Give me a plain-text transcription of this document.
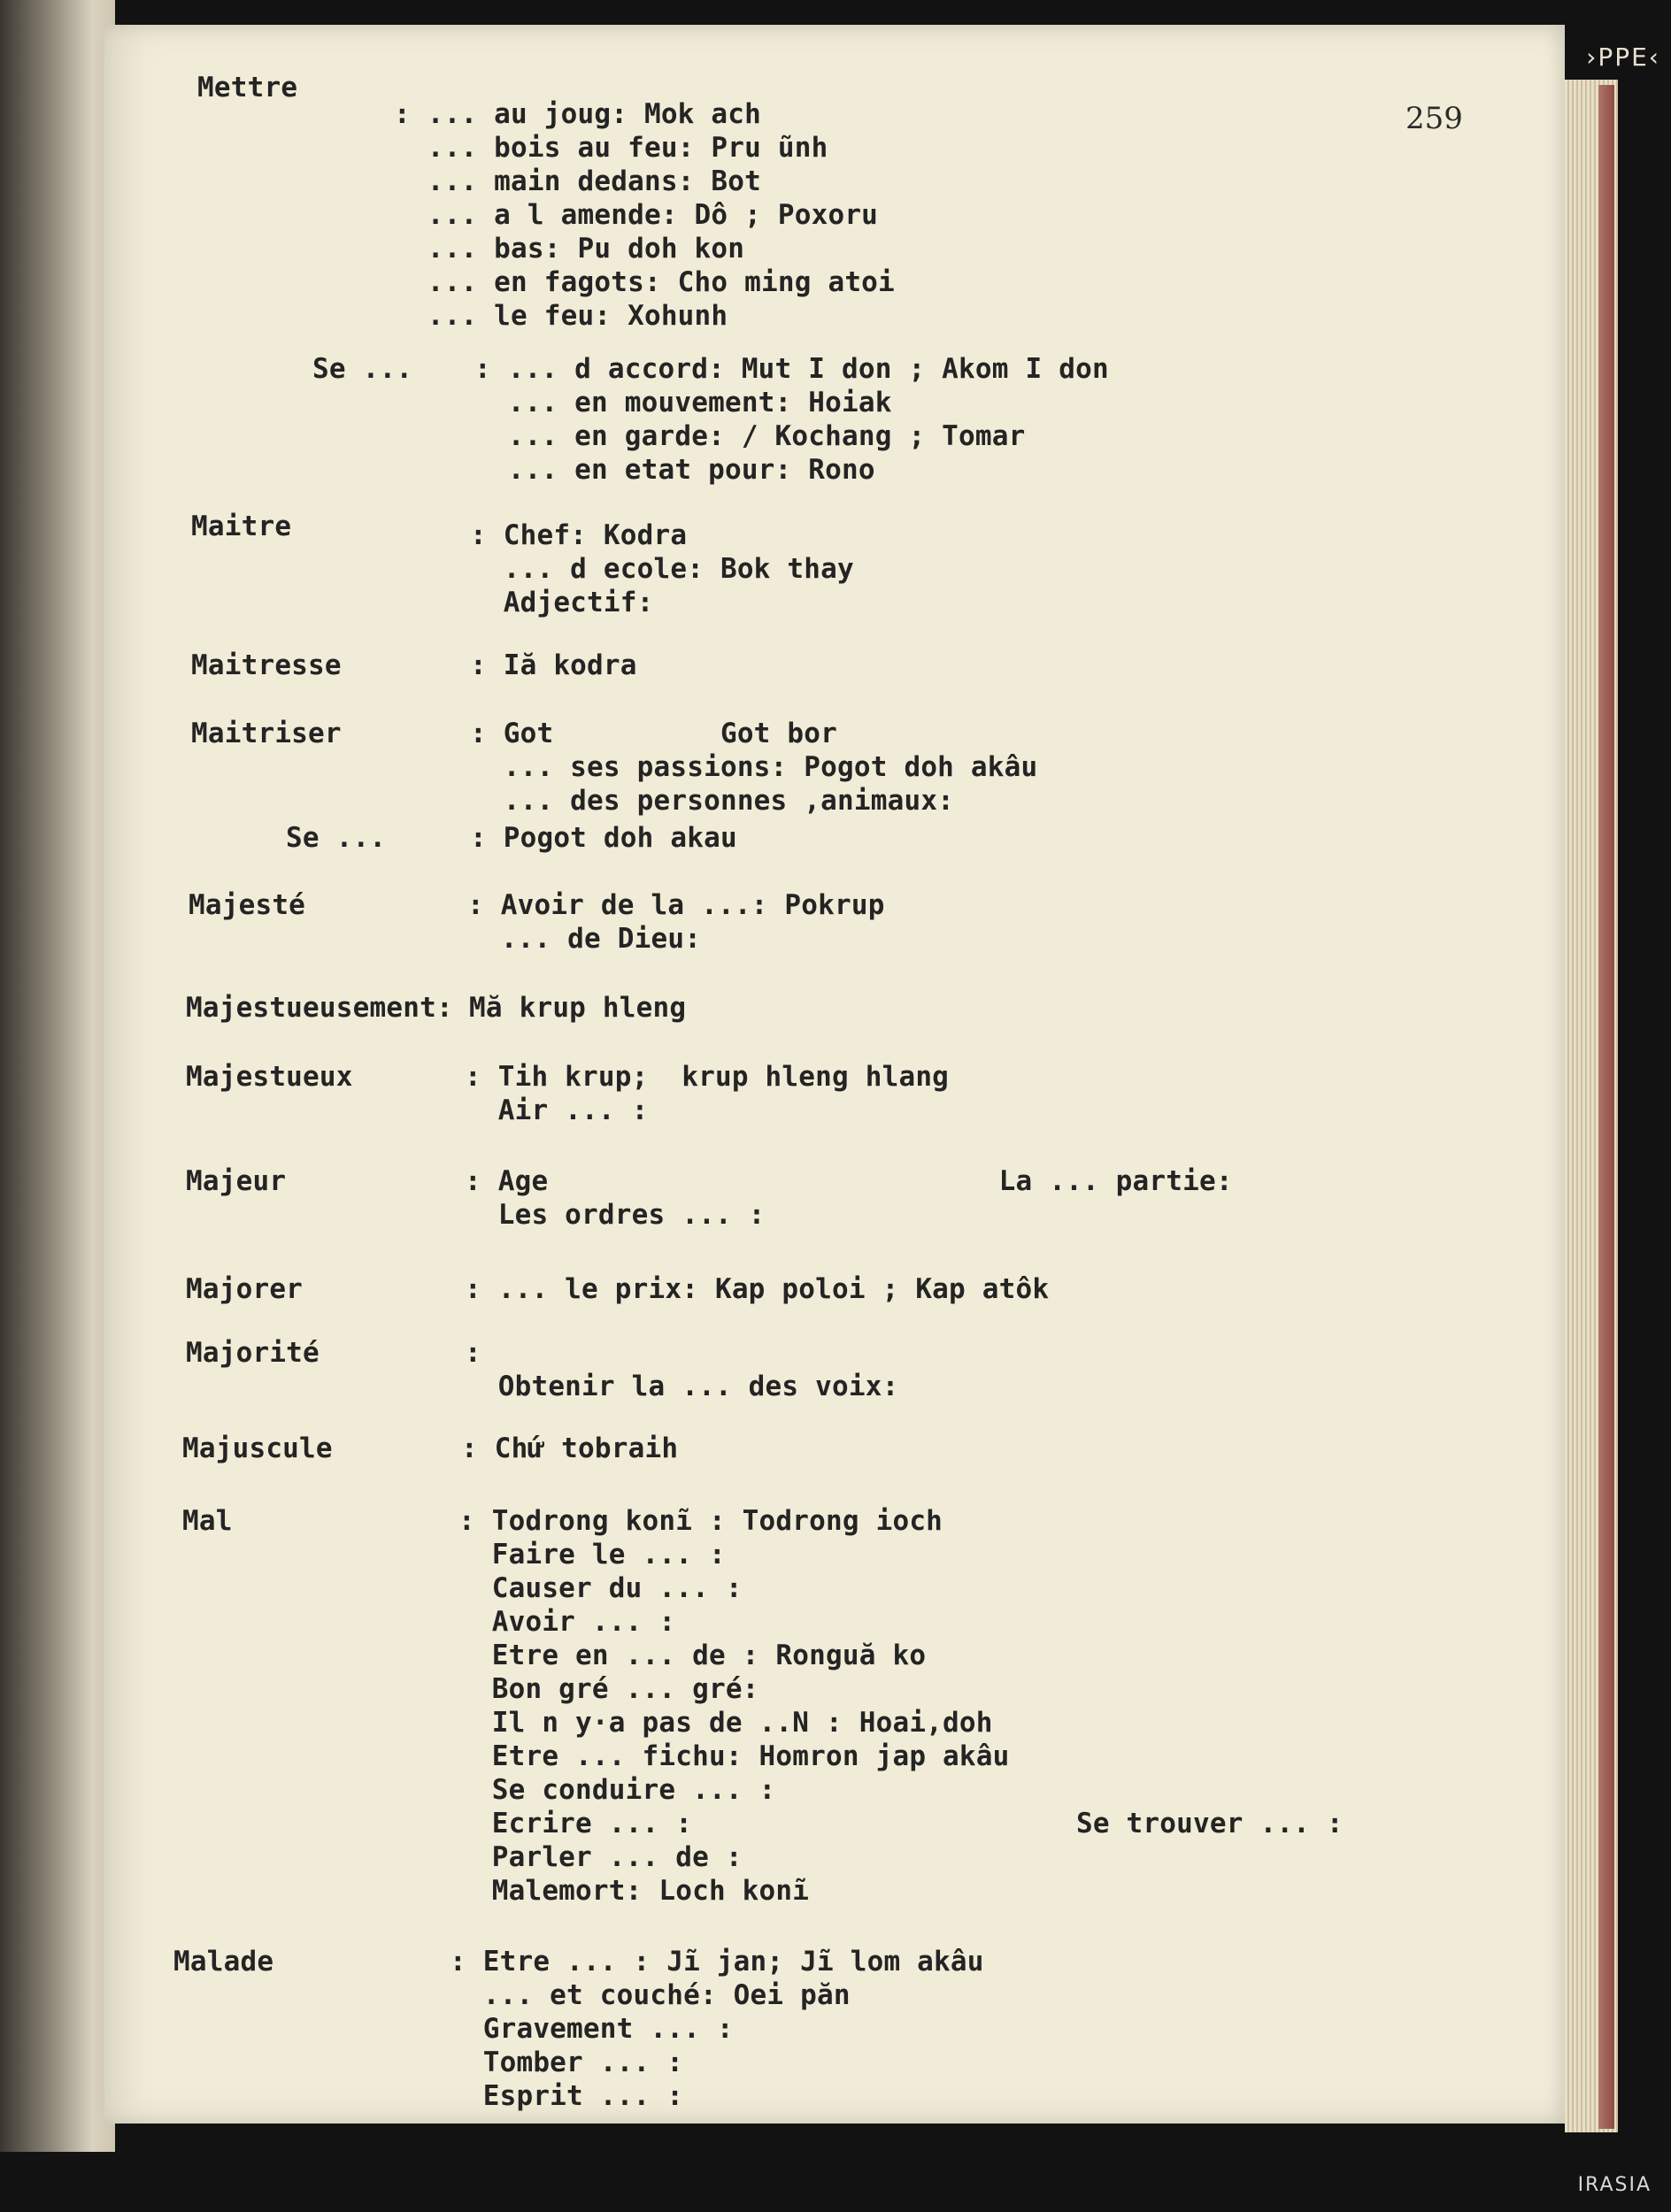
259
Mettre
: ... au joug: Mok ach
... bois au feu: Pru ũnh
... main dedans: Bot
... a l amende: Dô ; Poxoru
... bas: Pu doh kon
... en fagots: Cho ming atoi
... le feu: Xohunh
Se ... : ... d accord: Mut I don ; Akom I don
... en mouvement: Hoiak
... en garde: / Kochang ; Tomar
... en etat pour: Rono
Maitre	: Chef: Kodra
... d ecole: Bok thay
Adjectif:
Maitresse	: Iă kodra
Maitriser	: Got          Got bor
... ses passions: Pogot doh akâu
... des personnes ,animaux:
Se ...	: Pogot doh akau
Majesté	: Avoir de la ...: Pokrup
... de Dieu:
Majestueusement: Mă krup hleng
Majestueux	: Tih krup;  krup hleng hlang
Air ... :
Majeur	: Age                           La ... partie:
Les ordres ... :
Majorer	: ... le prix: Kap poloi ; Kap atôk
Majorité	:
Obtenir la ... des voix:
Majuscule	: Chứ tobraih
Mal	: Todrong konĩ : Todrong ioch
Faire le ... :
Causer du ... :
Avoir ... :
Etre en ... de : Ronguă ko
Bon gré ... gré:
Il n y·a pas de ..N : Hoai,doh
Etre ... fichu: Homron jap akâu
Se conduire ... :
Ecrire ... :                       Se trouver ... :
Parler ... de :
Malemort: Loch konĩ
Malade	: Etre ... : Jĩ jan; Jĩ lom akâu
... et couché: Oei păn
Gravement ... :
Tomber ... :
Esprit ... :
›PPE‹
IRASIA
